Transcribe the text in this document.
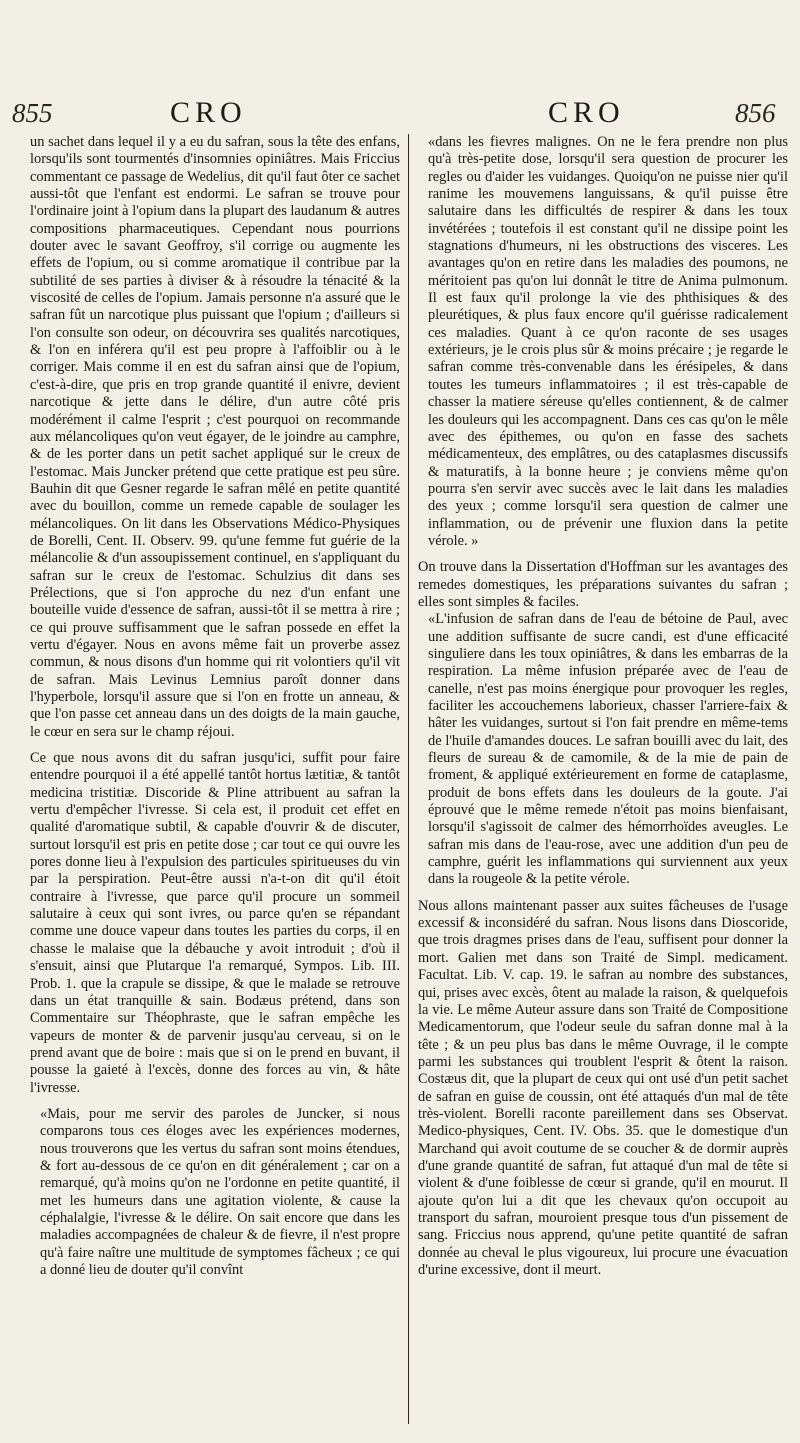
855	CRO	CRO	856

un sachet dans lequel il y a eu du safran, sous la tête des enfans, lorsqu'ils sont tourmentés d'insomnies opiniâtres. Mais Friccius commentant ce passage de Wedelius, dit qu'il faut ôter ce sachet aussi-tôt que l'enfant est endormi. Le safran se trouve pour l'ordinaire joint à l'opium dans la plupart des laudanum & autres compositions pharmaceutiques. Cependant nous pourrions douter avec le savant Geoffroy, s'il corrige ou augmente les effets de l'opium, ou si comme aromatique il contribue par la subtilité de ses parties à diviser & à résoudre la ténacité & la viscosité de celles de l'opium. Jamais personne n'a assuré que le safran fût un narcotique plus puissant que l'opium ; d'ailleurs si l'on consulte son odeur, on découvrira ses qualités narcotiques, & l'on en inférera qu'il est peu propre à l'affoiblir ou à le corriger. Mais comme il en est du safran ainsi que de l'opium, c'est-à-dire, que pris en trop grande quantité il enivre, devient narcotique & jette dans le délire, d'un autre côté pris modérément il calme l'esprit ; c'est pourquoi on recommande aux mélancoliques qu'on veut égayer, de le joindre au camphre, & de les porter dans un petit sachet appliqué sur le creux de l'estomac. Mais Juncker prétend que cette pratique est peu sûre. Bauhin dit que Gesner regarde le safran mêlé en petite quantité avec du bouillon, comme un remede capable de soulager les mélancoliques. On lit dans les Observations Médico-Physiques de Borelli, Cent. II. Observ. 99. qu'une femme fut guérie de la mélancolie & d'un assoupissement continuel, en s'appliquant du safran sur le creux de l'estomac. Schulzius dit dans ses Prélections, que si l'on approche du nez d'un enfant une bouteille vuide d'essence de safran, aussi-tôt il se mettra à rire ; ce qui prouve suffisamment que le safran possede en effet la vertu d'égayer. Nous en avons même fait un proverbe assez commun, & nous disons d'un homme qui rit volontiers qu'il vit de safran. Mais Levinus Lemnius paroît donner dans l'hyperbole, lorsqu'il assure que si l'on en frotte un anneau, & que l'on passe cet anneau dans un des doigts de la main gauche, le cœur en sera sur le champ réjoui.

Ce que nous avons dit du safran jusqu'ici, suffit pour faire entendre pourquoi il a été appellé tantôt hortus lætitiæ, & tantôt medicina tristitiæ. Discoride & Pline attribuent au safran la vertu d'empêcher l'ivresse. Si cela est, il produit cet effet en qualité d'aromatique subtil, & capable d'ouvrir & de discuter, surtout lorsqu'il est pris en petite dose ; car tout ce qui ouvre les pores donne lieu à l'expulsion des particules spiritueuses du vin par la perspiration. Peut-être aussi n'a-t-on dit qu'il étoit contraire à l'ivresse, que parce qu'il procure un sommeil salutaire à ceux qui sont ivres, ou parce qu'en se répandant comme une douce vapeur dans toutes les parties du corps, il en chasse le malaise que la débauche y avoit introduit ; d'où il s'ensuit, ainsi que Plutarque l'a remarqué, Sympos. Lib. III. Prob. 1. que la crapule se dissipe, & que le malade se retrouve dans un état tranquille & sain. Bodæus prétend, dans son Commentaire sur Théophraste, que le safran empêche les vapeurs de monter & de parvenir jusqu'au cerveau, si on le prend avant que de boire : mais que si on le prend en buvant, il pousse la gaieté à l'excès, donne des forces au vin, & hâte l'ivresse.

« Mais, pour me servir des paroles de Juncker, si nous comparons tous ces éloges avec les expériences modernes, nous trouverons que les vertus du safran sont moins étendues, & fort au-dessous de ce qu'on en dit généralement ; car on a remarqué, qu'à moins qu'on ne l'ordonne en petite quantité, il met les humeurs dans une agitation violente, & cause la céphalalgie, l'ivresse & le délire. On sait encore que dans les maladies accompagnées de chaleur & de fievre, il n'est propre qu'à faire naître une multitude de symptomes fâcheux ; ce qui a donné lieu de douter qu'il convînt

« dans les fievres malignes. On ne le fera prendre non plus qu'à très-petite dose, lorsqu'il sera question de procurer les regles ou d'aider les vuidanges. Quoiqu'on ne puisse nier qu'il ranime les mouvemens languissans, & qu'il puisse être salutaire dans les difficultés de respirer & dans les toux invétérées ; toutefois il est constant qu'il ne dissipe point les stagnations d'humeurs, ni les obstructions des visceres. Les avantages qu'on en retire dans les maladies des poumons, ne méritoient pas qu'on lui donnât le titre de Anima pulmonum. Il est faux qu'il prolonge la vie des phthisiques & des pleurétiques, & plus faux encore qu'il guérisse radicalement ces maladies. Quant à ce qu'on raconte de ses usages extérieurs, je le crois plus sûr & moins précaire ; je regarde le safran comme très-convenable dans les érésipeles, & dans toutes les tumeurs inflammatoires ; il est très-capable de chasser la matiere séreuse qu'elles contiennent, & de calmer les douleurs qui les accompagnent. Dans ces cas qu'on le mêle avec des épithemes, ou qu'on en fasse des sachets médicamenteux, des emplâtres, ou des cataplasmes discussifs & maturatifs, à la bonne heure ; je conviens même qu'on pourra s'en servir avec succès avec le lait dans les maladies des yeux ; comme lorsqu'il sera question de calmer une inflammation, ou de prévenir une fluxion dans la petite vérole. »

On trouve dans la Dissertation d'Hoffman sur les avantages des remedes domestiques, les préparations suivantes du safran ; elles sont simples & faciles.

« L'infusion de safran dans de l'eau de bétoine de Paul, avec une addition suffisante de sucre candi, est d'une efficacité singuliere dans les toux opiniâtres, & dans les embarras de la respiration. La même infusion préparée avec de l'eau de canelle, n'est pas moins énergique pour provoquer les regles, faciliter les accouchemens laborieux, chasser l'arriere-faix & hâter les vuidanges, surtout si l'on fait prendre en même-tems de l'huile d'amandes douces. Le safran bouilli avec du lait, des fleurs de sureau & de camomile, & de la mie de pain de froment, & appliqué extérieurement en forme de cataplasme, produit de bons effets dans les douleurs de la goute. J'ai éprouvé que le même remede n'étoit pas moins bienfaisant, lorsqu'il s'agissoit de calmer des hémorrhoïdes aveugles. Le safran mis dans de l'eau-rose, avec une addition d'un peu de camphre, guérit les inflammations qui surviennent aux yeux dans la rougeole & la petite vérole.

Nous allons maintenant passer aux suites fâcheuses de l'usage excessif & inconsidéré du safran. Nous lisons dans Dioscoride, que trois dragmes prises dans de l'eau, suffisent pour donner la mort. Galien met dans son Traité de Simpl. medicament. Facultat. Lib. V. cap. 19. le safran au nombre des substances, qui, prises avec excès, ôtent au malade la raison, & quelquefois la vie. Le même Auteur assure dans son Traité de Compositione Medicamentorum, que l'odeur seule du safran donne mal à la tête ; & un peu plus bas dans le même Ouvrage, il le compte parmi les substances qui troublent l'esprit & ôtent la raison. Costæus dit, que la plupart de ceux qui ont usé d'un petit sachet de safran en guise de coussin, ont été attaqués d'un mal de tête très-violent. Borelli raconte pareillement dans ses Observat. Medico-physiques, Cent. IV. Obs. 35. que le domestique d'un Marchand qui avoit coutume de se coucher & de dormir auprès d'une grande quantité de safran, fut attaqué d'un mal de tête si violent & d'une foiblesse de cœur si grande, qu'il en mourut. Il ajoute qu'on lui a dit que les chevaux qu'on occupoit au transport du safran, mouroient presque tous d'un pissement de sang. Friccius nous apprend, qu'une petite quantité de safran donnée au cheval le plus vigoureux, lui procure une évacuation d'urine excessive, dont il meurt.
